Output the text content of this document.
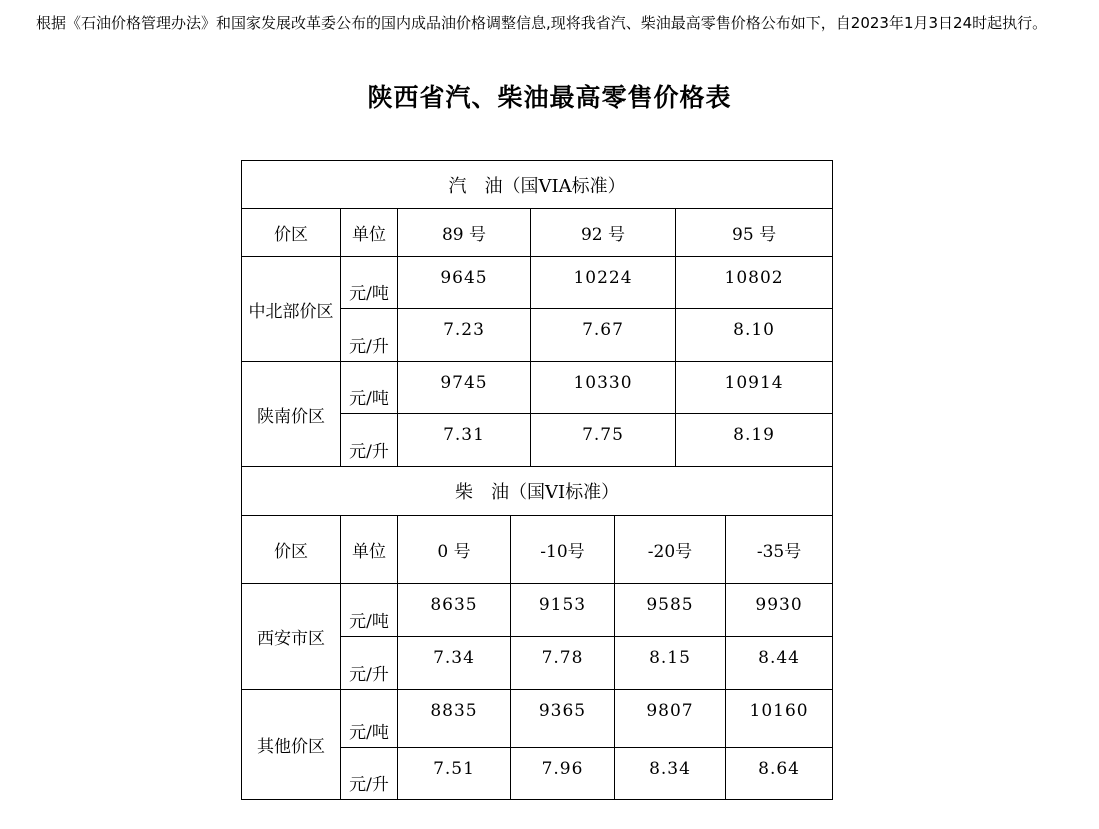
根据《石油价格管理办法》和国家发展改革委公布的国内成品油价格调整信息,现将我省汽、柴油最高零售价格公布如下，自2023年1月3日24时起执行。

陕西省汽、柴油最高零售价格表
汽　油（国VIA标准）							
价区	单位	89 号		92 号		95 号	
中北部价区	元/吨	9645		10224		10802	
	元/升	7.23		7.67		8.10	
陕南价区	元/吨	9745		10330		10914	
	元/升	7.31		7.75		8.19	
柴　油（国VI标准）							
价区	单位	0 号	-10号		-20号		-35号
西安市区	元/吨	8635	9153		9585		9930
	元/升	7.34	7.78		8.15		8.44
其他价区	元/吨	8835	9365		9807		10160
	元/升	7.51	7.96		8.34		8.64
